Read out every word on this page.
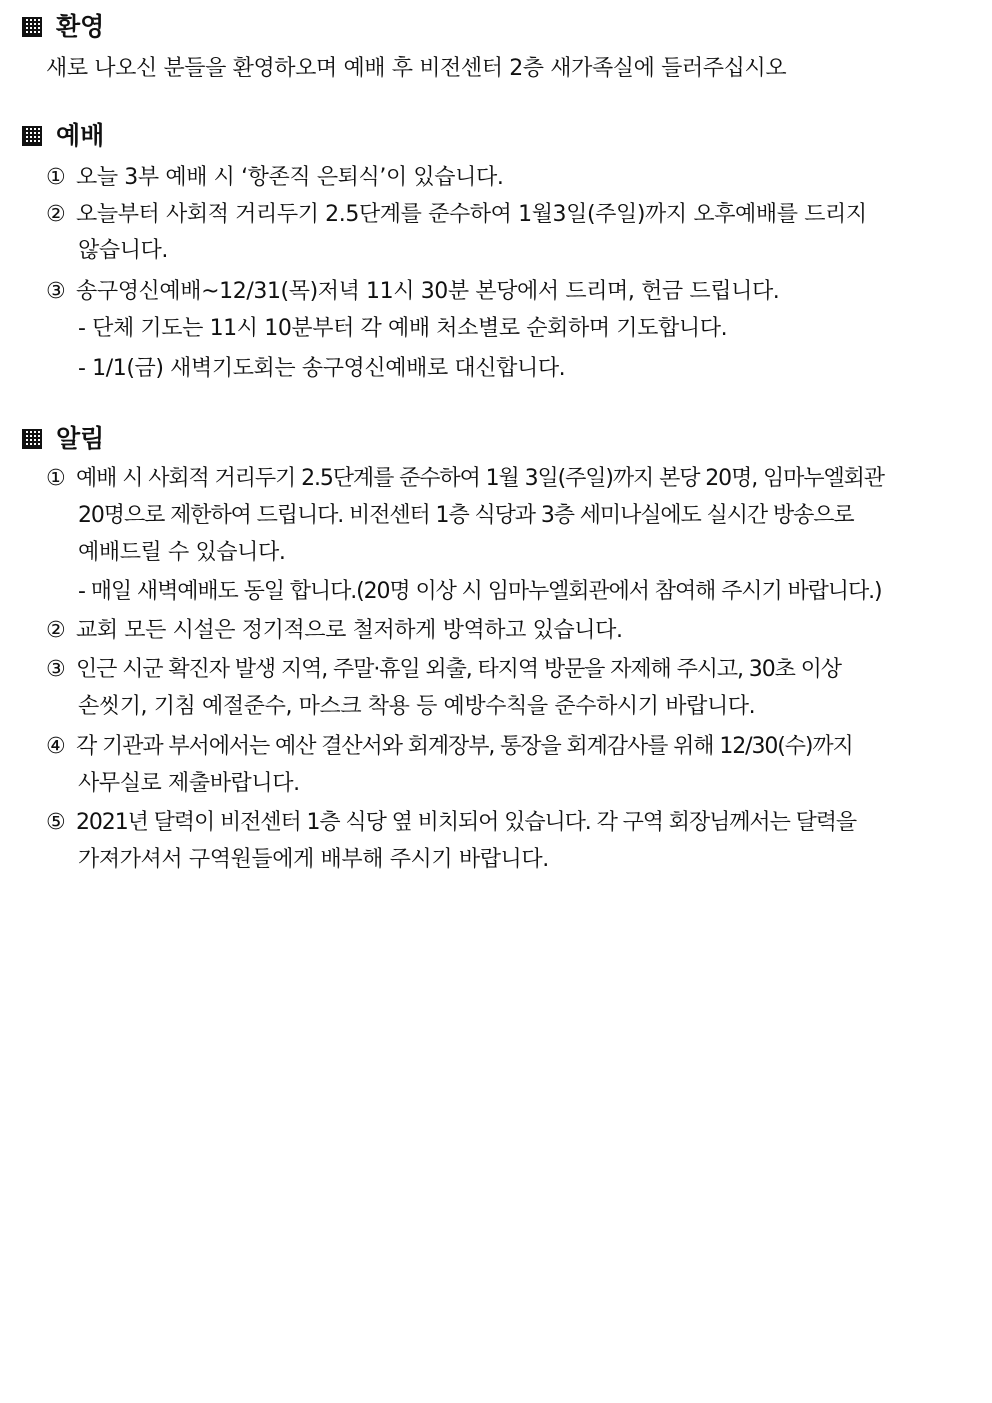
환영
새로 나오신 분들을 환영하오며 예배 후 비전센터 2층 새가족실에 들러주십시오
예배
① 오늘 3부 예배 시 ‘항존직 은퇴식’이 있습니다.
② 오늘부터 사회적 거리두기 2.5단계를 준수하여 1월3일(주일)까지 오후예배를 드리지
않습니다.
③ 송구영신예배~12/31(목)저녁 11시 30분 본당에서 드리며, 헌금 드립니다.
- 단체 기도는 11시 10분부터 각 예배 처소별로 순회하며 기도합니다.
- 1/1(금) 새벽기도회는 송구영신예배로 대신합니다.
알림
① 예배 시 사회적 거리두기 2.5단계를 준수하여 1월 3일(주일)까지 본당 20명, 임마누엘회관
20명으로 제한하여 드립니다. 비전센터 1층 식당과 3층 세미나실에도 실시간 방송으로
예배드릴 수 있습니다.
- 매일 새벽예배도 동일 합니다.(20명 이상 시 임마누엘회관에서 참여해 주시기 바랍니다.)
② 교회 모든 시설은 정기적으로 철저하게 방역하고 있습니다.
③ 인근 시군 확진자 발생 지역, 주말·휴일 외출, 타지역 방문을 자제해 주시고, 30초 이상
손씻기, 기침 예절준수, 마스크 착용 등 예방수칙을 준수하시기 바랍니다.
④ 각 기관과 부서에서는 예산 결산서와 회계장부, 통장을 회계감사를 위해 12/30(수)까지
사무실로 제출바랍니다.
⑤ 2021년 달력이 비전센터 1층 식당 옆 비치되어 있습니다. 각 구역 회장님께서는 달력을
가져가셔서 구역원들에게 배부해 주시기 바랍니다.
